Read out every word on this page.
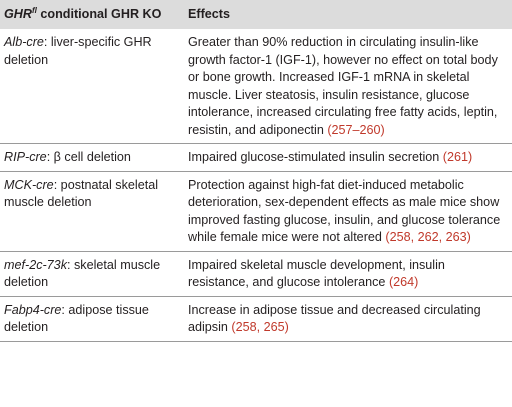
$GHR^{fl}$ conditional GHR KO	Effects
Alb-cre: liver-specific GHR deletion	Greater than 90% reduction in circulating insulin-like growth factor-1 (IGF-1), however no effect on total body or bone growth. Increased IGF-1 mRNA in skeletal muscle. Liver steatosis, insulin resistance, glucose intolerance, increased circulating free fatty acids, leptin, resistin, and adiponectin (257–260)
RIP-cre: β cell deletion	Impaired glucose-stimulated insulin secretion (261)
MCK-cre: postnatal skeletal muscle deletion	Protection against high-fat diet-induced metabolic deterioration, sex-dependent effects as male mice show improved fasting glucose, insulin, and glucose tolerance while female mice were not altered (258, 262, 263)
mef-2c-73k: skeletal muscle deletion	Impaired skeletal muscle development, insulin resistance, and glucose intolerance (264)
Fabp4-cre: adipose tissue deletion	Increase in adipose tissue and decreased circulating adipsin (258, 265)
